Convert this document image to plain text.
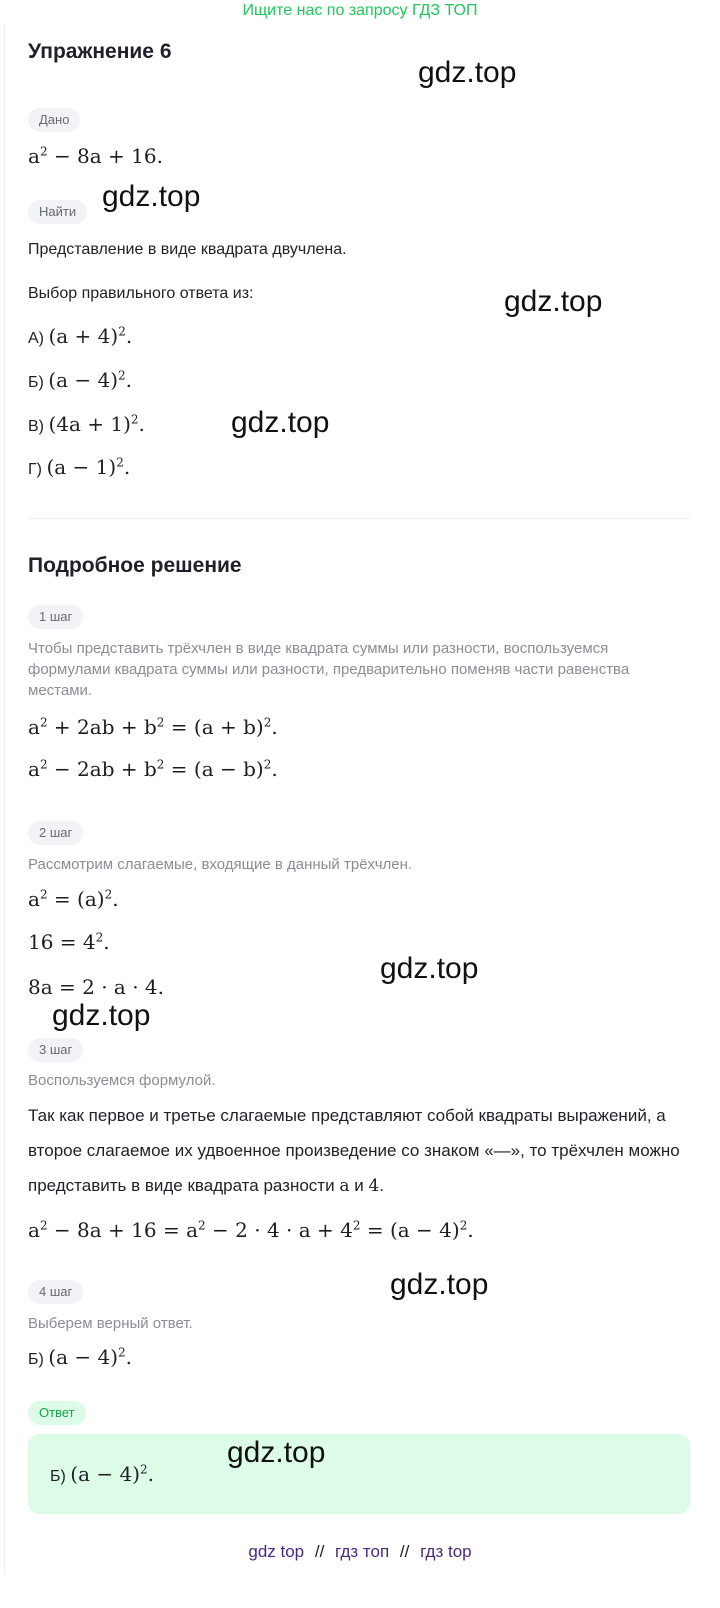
Ищите нас по запросу ГДЗ ТОП
Упражнение 6
Дано
$a^2 - 8a + 16$.
Найти
Представление в виде квадрата двучлена.
Выбор правильного ответа из:
А) $(a + 4)^2$.
Б) $(a - 4)^2$.
В) $(4a + 1)^2$.
Г) $(a - 1)^2$.
Подробное решение
1 шаг
Чтобы представить трёхчлен в виде квадрата суммы или разности, воспользуемся формулами квадрата суммы или разности, предварительно поменяв части равенства местами.
$a^2 + 2ab + b^2 = (a + b)^2$.
$a^2 - 2ab + b^2 = (a - b)^2$.
2 шаг
Рассмотрим слагаемые, входящие в данный трёхчлен.
$a^2 = (a)^2$.
$16 = 4^2$.
8a = 2 · a · 4.
3 шаг
Воспользуемся формулой.
Так как первое и третье слагаемые представляют собой квадраты выражений, а второе слагаемое их удвоенное произведение со знаком «—», то трёхчлен можно представить в виде квадрата разности a и 4.
$a^2 - 8a + 16 = a^2 - 2 \cdot 4 \cdot a + 4^2 = (a - 4)^2$.
4 шаг
Выберем верный ответ.
Б) $(a - 4)^2$.
Ответ
Б) $(a - 4)^2$.
gdz.top
gdz.top
gdz.top
gdz.top
gdz.top
gdz.top
gdz.top
gdz.top
gdz top // гдз топ // гдз top
